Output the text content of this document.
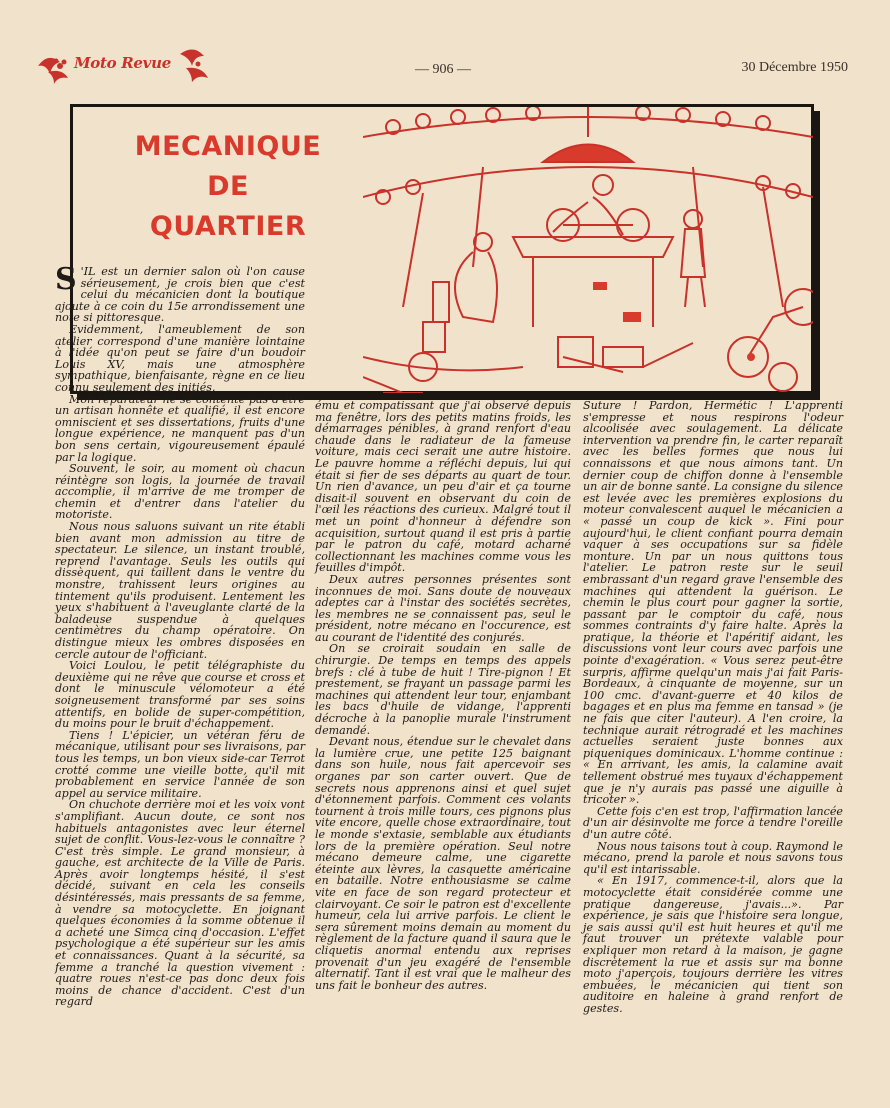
Moto Revue	— 906 —	30 Décembre 1950
MECANIQUE
DE
QUARTIER

S 'IL est un dernier salon où l'on cause sérieusement, je crois bien que c'est celui du mécanicien dont la boutique ajoute à ce coin du 15e arrondissement une note si pittoresque.

Evidemment, l'ameublement de son atelier correspond d'une manière lointaine à l'idée qu'on peut se faire d'un boudoir Louis XV, mais une atmosphère sympathique, bienfaisante, règne en ce lieu connu seulement des initiés.

Mon réparateur ne se contente pas d'être un artisan honnête et qualifié, il est encore omniscient et ses dissertations, fruits d'une longue expérience, ne manquent pas d'un bon sens certain, vigoureusement épaulé par la logique.

Souvent, le soir, au moment où chacun réintègre son logis, la journée de travail accomplie, il m'arrive de me tromper de chemin et d'entrer dans l'atelier du motoriste.

Nous nous saluons suivant un rite établi bien avant mon admission au titre de spectateur. Le silence, un instant troublé, reprend l'avantage. Seuls les outils qui dissèquent, qui taillent dans le ventre du monstre, trahissent leurs origines au tintement qu'ils produisent. Lentement les yeux s'habituent à l'aveuglante clarté de la baladeuse suspendue à quelques centimètres du champ opératoire. On distingue mieux les ombres disposées en cercle autour de l'officiant.

Voici Loulou, le petit télégraphiste du deuxième qui ne rêve que course et cross et dont le minuscule vélomoteur a été soigneusement transformé par ses soins attentifs, en bolide de super-compétition, du moins pour le bruit d'échappement.

Tiens ! L'épicier, un vétéran féru de mécanique, utilisant pour ses livraisons, par tous les temps, un bon vieux side-car Terrot crotté comme une vieille botte, qu'il mit probablement en service l'année de son appel au service militaire.

On chuchote derrière moi et les voix vont s'amplifiant. Aucun doute, ce sont nos habituels antagonistes avec leur éternel sujet de conflit. Vous-lez-vous le connaître ? C'est très simple. Le grand monsieur, à gauche, est architecte de la Ville de Paris. Après avoir longtemps hésité, il s'est décidé, suivant en cela les conseils désintéressés, mais pressants de sa femme, à vendre sa motocyclette. En joignant quelques économies à la somme obtenue il a acheté une Simca cinq d'occasion. L'effet psychologique a été supérieur sur les amis et connaissances. Quant à la sécurité, sa femme a tranché la question vivement : quatre roues n'est-ce pas donc deux fois moins de chance d'accident. C'est d'un regard

ému et compatissant que j'ai observé depuis ma fenêtre, lors des petits matins froids, les démarrages pénibles, à grand renfort d'eau chaude dans le radiateur de la fameuse voiture, mais ceci serait une autre histoire. Le pauvre homme a réfléchi depuis, lui qui était si fier de ses départs au quart de tour. Un rien d'avance, un peu d'air et ça tourne disait-il souvent en observant du coin de l'œil les réactions des curieux. Malgré tout il met un point d'honneur à défendre son acquisition, surtout quand il est pris à partie par le patron du café, motard acharné collectionnant les machines comme vous les feuilles d'impôt.

Deux autres personnes présentes sont inconnues de moi. Sans doute de nouveaux adeptes car à l'instar des sociétés secrètes, les membres ne se connaissent pas, seul le président, notre mécano en l'occurence, est au courant de l'identité des conjurés.

On se croirait soudain en salle de chirurgie. De temps en temps des appels brefs : clé à tube de huit ! Tire-pignon ! Et prestement, se frayant un passage parmi les machines qui attendent leur tour, enjambant les bacs d'huile de vidange, l'apprenti décroche à la panoplie murale l'instrument demandé.

Devant nous, étendue sur le chevalet dans la lumière crue, une petite 125 baignant dans son huile, nous fait apercevoir ses organes par son carter ouvert. Que de secrets nous apprenons ainsi et quel sujet d'étonnement parfois. Comment ces volants tournent à trois mille tours, ces pignons plus vite encore, quelle chose extraordinaire, tout le monde s'extasie, semblable aux étudiants lors de la première opération. Seul notre mécano demeure calme, une cigarette éteinte aux lèvres, la casquette américaine en bataille. Notre enthousiasme se calme vite en face de son regard protecteur et clairvoyant. Ce soir le patron est d'excellente humeur, cela lui arrive parfois. Le client le sera sûrement moins demain au moment du règlement de la facture quand il saura que le cliquetis anormal entendu aux reprises provenait d'un jeu exagéré de l'ensemble alternatif. Tant il est vrai que le malheur des uns fait le bonheur des autres.

Suture ! Pardon, Hermétic ! L'apprenti s'empresse et nous respirons l'odeur alcoolisée avec soulagement. La délicate intervention va prendre fin, le carter reparaît avec les belles formes que nous lui connaissons et que nous aimons tant. Un dernier coup de chiffon donne à l'ensemble un air de bonne santé. La consigne du silence est levée avec les premières explosions du moteur convalescent auquel le mécanicien a « passé un coup de kick ». Fini pour aujourd'hui, le client confiant pourra demain vaquer à ses occupations sur sa fidèle monture. Un par un nous quittons tous l'atelier. Le patron reste sur le seuil embrassant d'un regard grave l'ensemble des machines qui attendent la guérison. Le chemin le plus court pour gagner la sortie, passant par le comptoir du café, nous sommes contraints d'y faire halte. Après la pratique, la théorie et l'apéritif aidant, les discussions vont leur cours avec parfois une pointe d'exagération. « Vous serez peut-être surpris, affirme quelqu'un mais j'ai fait Paris-Bordeaux, à cinquante de moyenne, sur un 100 cmc. d'avant-guerre et 40 kilos de bagages et en plus ma femme en tansad » (je ne fais que citer l'auteur). A l'en croire, la technique aurait rétrogradé et les machines actuelles seraient juste bonnes aux piqueniques dominicaux. L'homme continue : « En arrivant, les amis, la calamine avait tellement obstrué mes tuyaux d'échappement que je n'y aurais pas passé une aiguille à tricoter ».

Cette fois c'en est trop, l'affirmation lancée d'un air désinvolte me force à tendre l'oreille d'un autre côté.

Nous nous taisons tout à coup. Raymond le mécano, prend la parole et nous savons tous qu'il est intarissable.

« En 1917, commence-t-il, alors que la motocyclette était considérée comme une pratique dangereuse, j'avais...». Par expérience, je sais que l'histoire sera longue, je sais aussi qu'il est huit heures et qu'il me faut trouver un prétexte valable pour expliquer mon retard à la maison, je gagne discrètement la rue et assis sur ma bonne moto j'aperçois, toujours derrière les vitres embuées, le mécanicien qui tient son auditoire en haleine à grand renfort de gestes.
